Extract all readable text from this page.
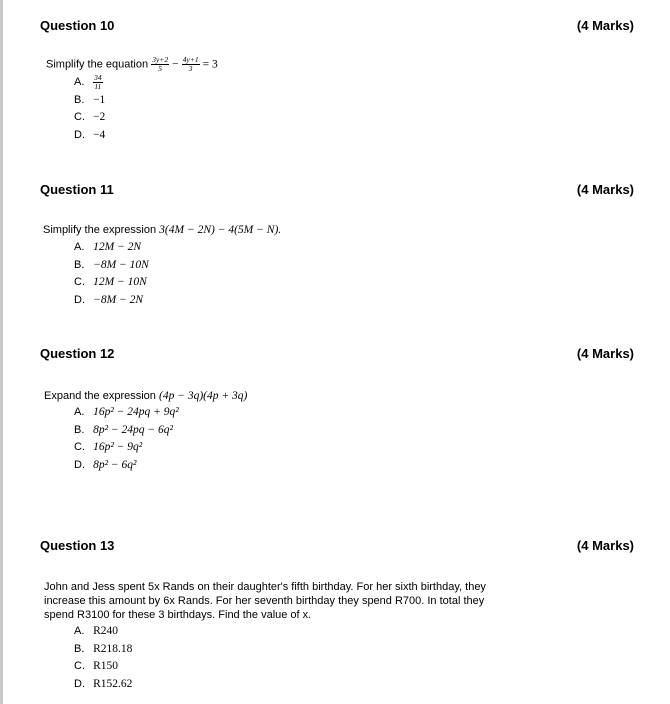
Question 10	(4 Marks)
Simplify the equation $\frac{3y+2}{5} - \frac{4y+1}{3} = 3$
A. $\frac{34}{11}$
B. −1
C. −2
D. −4
Question 11	(4 Marks)
Simplify the expression 3(4M − 2N) − 4(5M − N).
A. 12M − 2N
B. −8M − 10N
C. 12M − 10N
D. −8M − 2N
Question 12	(4 Marks)
Expand the expression (4p − 3q)(4p + 3q)
A. 16p² − 24pq + 9q²
B. 8p² − 24pq − 6q²
C. 16p² − 9q²
D. 8p² − 6q²
Question 13	(4 Marks)
John and Jess spent 5x Rands on their daughter's fifth birthday. For her sixth birthday, they increase this amount by 6x Rands. For her seventh birthday they spend R700. In total they spend R3100 for these 3 birthdays. Find the value of x.
A. R240
B. R218.18
C. R150
D. R152.62
